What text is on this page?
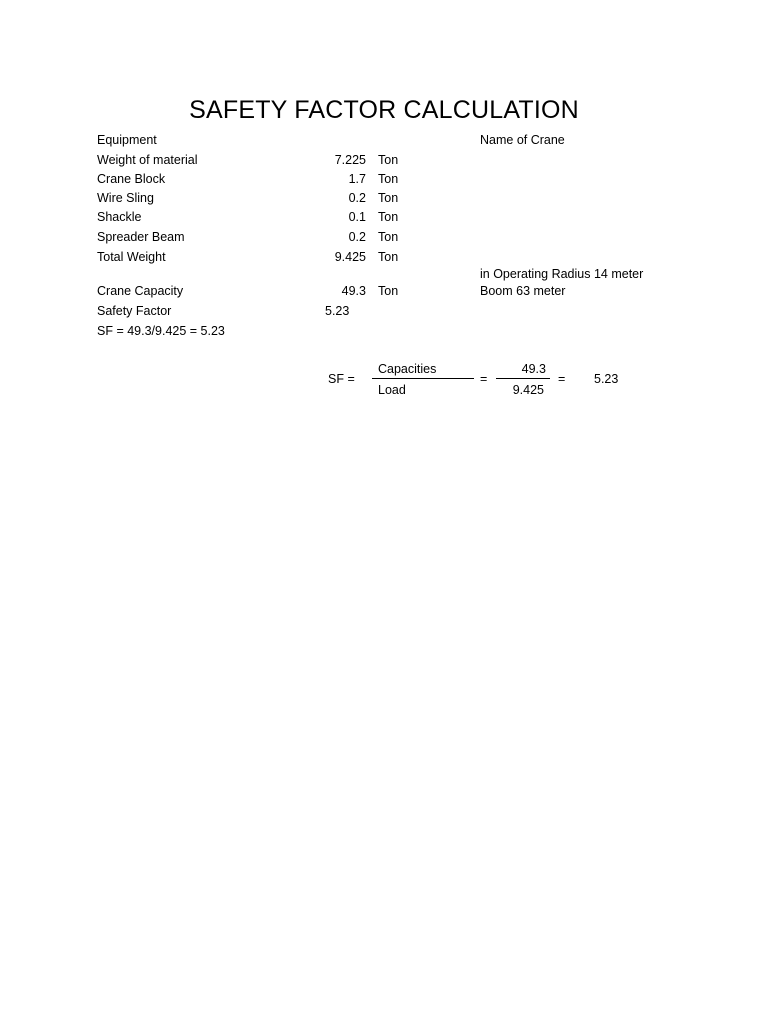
SAFETY FACTOR CALCULATION
Equipment	Name of Crane
Weight of material	7.225 Ton
Crane Block	1.7 Ton
Wire Sling	0.2 Ton
Shackle	0.1 Ton
Spreader Beam	0.2 Ton
Total Weight	9.425 Ton
in Operating Radius 14 meter
Crane Capacity	49.3 Ton	Boom 63 meter
Safety Factor	5.23
SF = 49.3/9.425 = 5.23
SF =
Capacities
Load
=
49.3
9.425
= 5.23
